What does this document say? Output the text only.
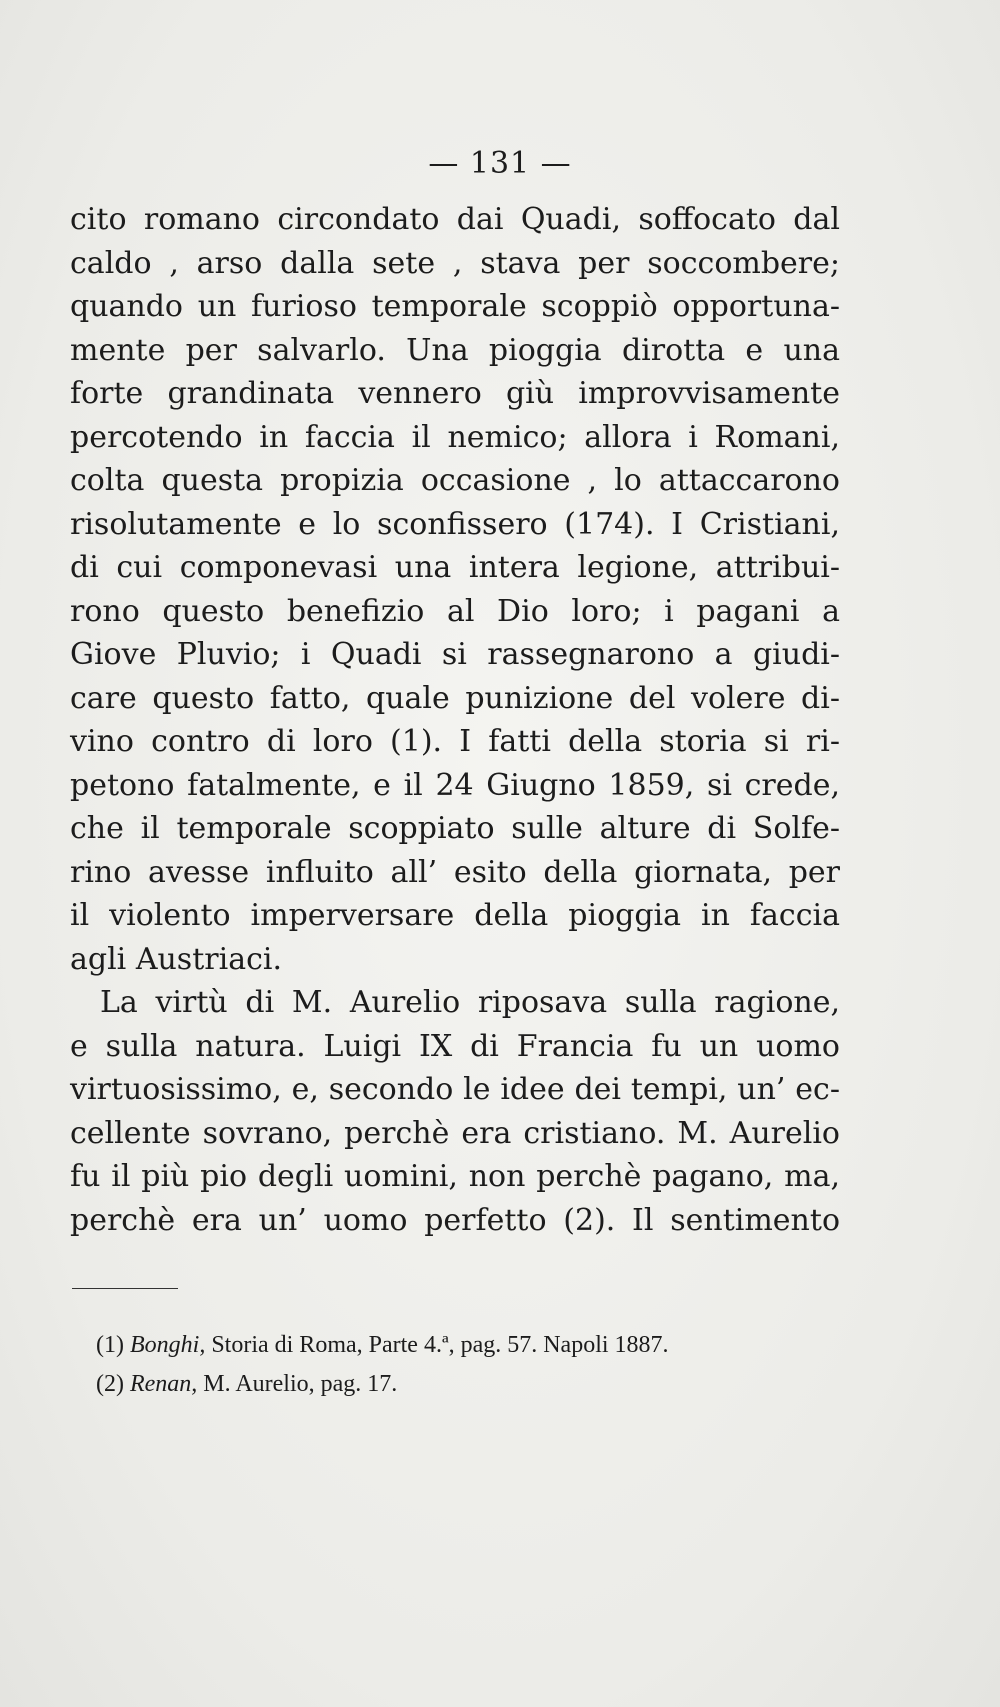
— 131 —
cito romano circondato dai Quadi, soffocato dal
caldo , arso dalla sete , stava per soccombere;
quando un furioso temporale scoppiò opportuna-
mente per salvarlo. Una pioggia dirotta e una
forte grandinata vennero giù improvvisamente
percotendo in faccia il nemico; allora i Romani,
colta questa propizia occasione , lo attaccarono
risolutamente e lo sconfissero (174). I Cristiani,
di cui componevasi una intera legione, attribui-
rono questo benefizio al Dio loro; i pagani a
Giove Pluvio; i Quadi si rassegnarono a giudi-
care questo fatto, quale punizione del volere di-
vino contro di loro (1). I fatti della storia si ri-
petono fatalmente, e il 24 Giugno 1859, si crede,
che il temporale scoppiato sulle alture di Solfe-
rino avesse influito all’ esito della giornata, per
il violento imperversare della pioggia in faccia
agli Austriaci.
La virtù di M. Aurelio riposava sulla ragione,
e sulla natura. Luigi IX di Francia fu un uomo
virtuosissimo, e, secondo le idee dei tempi, un’ ec-
cellente sovrano, perchè era cristiano. M. Aurelio
fu il più pio degli uomini, non perchè pagano, ma,
perchè era un’ uomo perfetto (2). Il sentimento
(1) Bonghi, Storia di Roma, Parte 4.ª, pag. 57. Napoli 1887.
(2) Renan, M. Aurelio, pag. 17.
